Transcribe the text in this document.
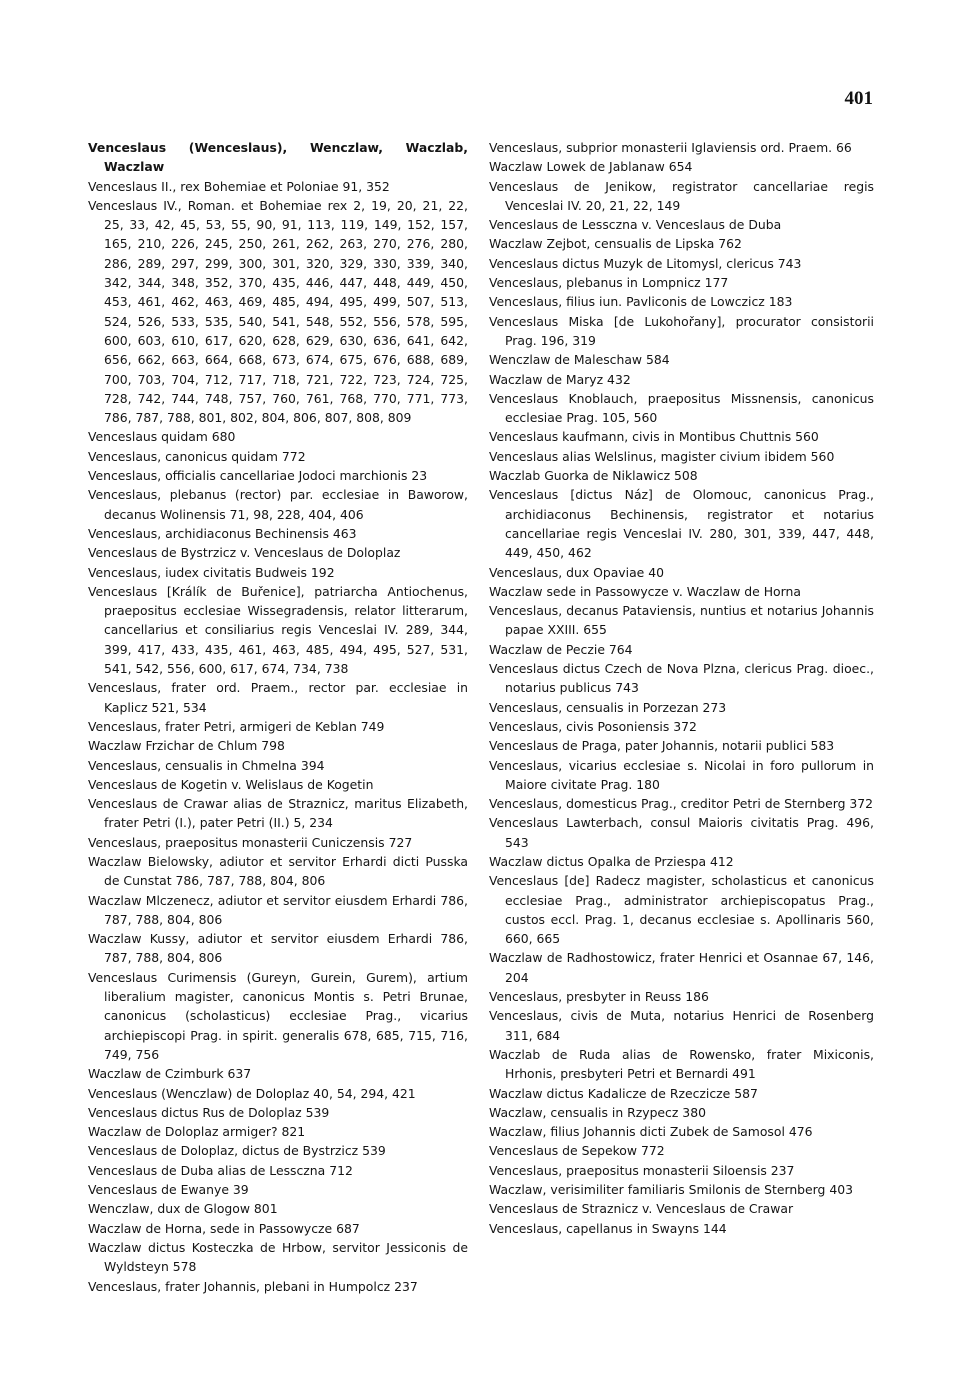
401

Venceslaus (Wenceslaus), Wenczlaw, Waczlab, Waczlaw

Venceslaus II., rex Bohemiae et Poloniae 91, 352

Venceslaus IV., Roman. et Bohemiae rex 2, 19, 20, 21, 22, 25, 33, 42, 45, 53, 55, 90, 91, 113, 119, 149, 152, 157, 165, 210, 226, 245, 250, 261, 262, 263, 270, 276, 280, 286, 289, 297, 299, 300, 301, 320, 329, 330, 339, 340, 342, 344, 348, 352, 370, 435, 446, 447, 448, 449, 450, 453, 461, 462, 463, 469, 485, 494, 495, 499, 507, 513, 524, 526, 533, 535, 540, 541, 548, 552, 556, 578, 595, 600, 603, 610, 617, 620, 628, 629, 630, 636, 641, 642, 656, 662, 663, 664, 668, 673, 674, 675, 676, 688, 689, 700, 703, 704, 712, 717, 718, 721, 722, 723, 724, 725, 728, 742, 744, 748, 757, 760, 761, 768, 770, 771, 773, 786, 787, 788, 801, 802, 804, 806, 807, 808, 809

Venceslaus quidam 680

Venceslaus, canonicus quidam 772

Venceslaus, officialis cancellariae Jodoci marchionis 23

Venceslaus, plebanus (rector) par. ecclesiae in Baworow, decanus Wolinensis 71, 98, 228, 404, 406

Venceslaus, archidiaconus Bechinensis 463

Venceslaus de Bystrzicz v. Venceslaus de Doloplaz

Venceslaus, iudex civitatis Budweis 192

Venceslaus [Králík de Buřenice], patriarcha Antiochenus, praepositus ecclesiae Wissegradensis, relator litterarum, cancellarius et consiliarius regis Venceslai IV. 289, 344, 399, 417, 433, 435, 461, 463, 485, 494, 495, 527, 531, 541, 542, 556, 600, 617, 674, 734, 738

Venceslaus, frater ord. Praem., rector par. ecclesiae in Kaplicz 521, 534

Venceslaus, frater Petri, armigeri de Keblan 749

Waczlaw Frzichar de Chlum 798

Venceslaus, censualis in Chmelna 394

Venceslaus de Kogetin v. Welislaus de Kogetin

Venceslaus de Crawar alias de Straznicz, maritus Elizabeth, frater Petri (I.), pater Petri (II.) 5, 234

Venceslaus, praepositus monasterii Cuniczensis 727

Waczlaw Bielowsky, adiutor et servitor Erhardi dicti Pusska de Cunstat 786, 787, 788, 804, 806

Waczlaw Mlczenecz, adiutor et servitor eiusdem Erhardi 786, 787, 788, 804, 806

Waczlaw Kussy, adiutor et servitor eiusdem Erhardi 786, 787, 788, 804, 806

Venceslaus Curimensis (Gureyn, Gurein, Gurem), artium liberalium magister, canonicus Montis s. Petri Brunae, canonicus (scholasticus) ecclesiae Prag., vicarius archiepiscopi Prag. in spirit. generalis 678, 685, 715, 716, 749, 756

Waczlaw de Czimburk 637

Venceslaus (Wenczlaw) de Doloplaz 40, 54, 294, 421

Venceslaus dictus Rus de Doloplaz 539

Waczlaw de Doloplaz armiger? 821

Venceslaus de Doloplaz, dictus de Bystrzicz 539

Venceslaus de Duba alias de Lessczna 712

Venceslaus de Ewanye 39

Wenczlaw, dux de Glogow 801

Waczlaw de Horna, sede in Passowycze 687

Waczlaw dictus Kosteczka de Hrbow, servitor Jessiconis de Wyldsteyn 578

Venceslaus, frater Johannis, plebani in Humpolcz 237

Venceslaus, subprior monasterii Iglaviensis ord. Praem. 66

Waczlaw Lowek de Jablanaw 654

Venceslaus de Jenikow, registrator cancellariae regis Venceslai IV. 20, 21, 22, 149

Venceslaus de Lessczna v. Venceslaus de Duba

Waczlaw Zejbot, censualis de Lipska 762

Venceslaus dictus Muzyk de Litomysl, clericus 743

Venceslaus, plebanus in Lompnicz 177

Venceslaus, filius iun. Pavliconis de Lowczicz 183

Venceslaus Miska [de Lukohořany], procurator consistorii Prag. 196, 319

Wenczlaw de Maleschaw 584

Waczlaw de Maryz 432

Venceslaus Knoblauch, praepositus Missnensis, canonicus ecclesiae Prag. 105, 560

Venceslaus kaufmann, civis in Montibus Chuttnis 560

Venceslaus alias Welslinus, magister civium ibidem 560

Waczlab Guorka de Niklawicz 508

Venceslaus [dictus Náz] de Olomouc, canonicus Prag., archidiaconus Bechinensis, registrator et notarius cancellariae regis Venceslai IV. 280, 301, 339, 447, 448, 449, 450, 462

Venceslaus, dux Opaviae 40

Waczlaw sede in Passowycze v. Waczlaw de Horna

Venceslaus, decanus Pataviensis, nuntius et notarius Johannis papae XXIII. 655

Waczlaw de Peczie 764

Venceslaus dictus Czech de Nova Plzna, clericus Prag. dioec., notarius publicus 743

Venceslaus, censualis in Porzezan 273

Venceslaus, civis Posoniensis 372

Venceslaus de Praga, pater Johannis, notarii publici 583

Venceslaus, vicarius ecclesiae s. Nicolai in foro pullorum in Maiore civitate Prag. 180

Venceslaus, domesticus Prag., creditor Petri de Sternberg 372

Venceslaus Lawterbach, consul Maioris civitatis Prag. 496, 543

Waczlaw dictus Opalka de Prziespa 412

Venceslaus [de] Radecz magister, scholasticus et canonicus ecclesiae Prag., administrator archiepiscopatus Prag., custos eccl. Prag. 1, decanus ecclesiae s. Apollinaris 560, 660, 665

Waczlaw de Radhostowicz, frater Henrici et Osannae 67, 146, 204

Venceslaus, presbyter in Reuss 186

Venceslaus, civis de Muta, notarius Henrici de Rosenberg 311, 684

Waczlab de Ruda alias de Rowensko, frater Mixiconis, Hrhonis, presbyteri Petri et Bernardi 491

Waczlaw dictus Kadalicze de Rzeczicze 587

Waczlaw, censualis in Rzypecz 380

Waczlaw, filius Johannis dicti Zubek de Samosol 476

Venceslaus de Sepekow 772

Venceslaus, praepositus monasterii Siloensis 237

Waczlaw, verisimiliter familiaris Smilonis de Sternberg 403

Venceslaus de Straznicz v. Venceslaus de Crawar

Venceslaus, capellanus in Swayns 144
